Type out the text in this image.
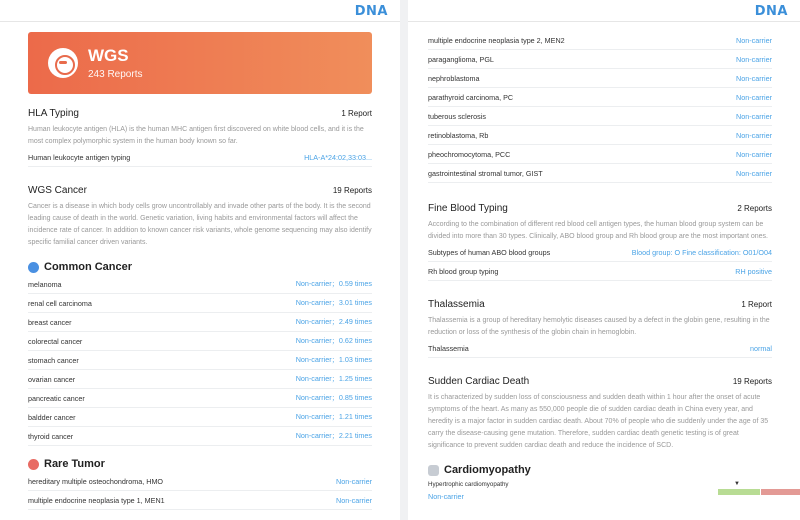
DNA
WGS
243 Reports
HLA Typing	1 Report
Human leukocyte antigen (HLA) is the human MHC antigen first discovered on white blood cells, and it is the most complex polymorphic system in the human body known so far.
Human leukocyte antigen typing	HLA-A*24:02,33:03...
WGS Cancer	19 Reports
Cancer is a disease in which body cells grow uncontrollably and invade other parts of the body. It is the second leading cause of death in the world. Genetic variation, living habits and environmental factors will affect the incidence rate of cancer. In addition to known cancer risk variants, whole genome sequencing may also identify specific familial cancer driven variants.
Common Cancer
melanoma	Non-carrier；0.59 times
renal cell carcinoma	Non-carrier；3.01 times
breast cancer	Non-carrier；2.49 times
colorectal cancer	Non-carrier；0.62 times
stomach cancer	Non-carrier；1.03 times
ovarian cancer	Non-carrier；1.25 times
pancreatic cancer	Non-carrier；0.85 times
baldder cancer	Non-carrier；1.21 times
thyroid cancer	Non-carrier；2.21 times
Rare Tumor
hereditary multiple osteochondroma, HMO	Non-carrier
multiple endocrine neoplasia type 1, MEN1	Non-carrier
DNA
multiple endocrine neoplasia type 2, MEN2	Non-carrier
paraganglioma, PGL	Non-carrier
nephroblastoma	Non-carrier
parathyroid carcinoma, PC	Non-carrier
tuberous sclerosis	Non-carrier
retinoblastoma, Rb	Non-carrier
pheochromocytoma, PCC	Non-carrier
gastrointestinal stromal tumor, GIST	Non-carrier
Fine Blood Typing	2 Reports
According to the combination of different red blood cell antigen types, the human blood group system can be divided into more than 30 types. Clinically, ABO blood group and Rh blood group are the most important ones.
Subtypes of human ABO blood groups	Blood group: O Fine classification: O01/O04
Rh blood group typing	RH positive
Thalassemia	1 Report
Thalassemia is a group of hereditary hemolytic diseases caused by a defect in the globin gene, resulting in the reduction or loss of the synthesis of the globin chain in hemoglobin.
Thalassemia	normal
Sudden Cardiac Death	19 Reports
It is characterized by sudden loss of consciousness and sudden death within 1 hour after the onset of acute symptoms of the heart. As many as 550,000 people die of sudden cardiac death in China every year, and heredity is a major factor in sudden cardiac death. About 70% of people who die suddenly under the age of 35 carry the disease-causing gene mutation. Therefore, sudden cardiac death genetic testing is of great significance to prevent sudden cardiac death and reduce the incidence of SCD.
Cardiomyopathy
Hypertrophic cardiomyopathy
Non-carrier
▼
